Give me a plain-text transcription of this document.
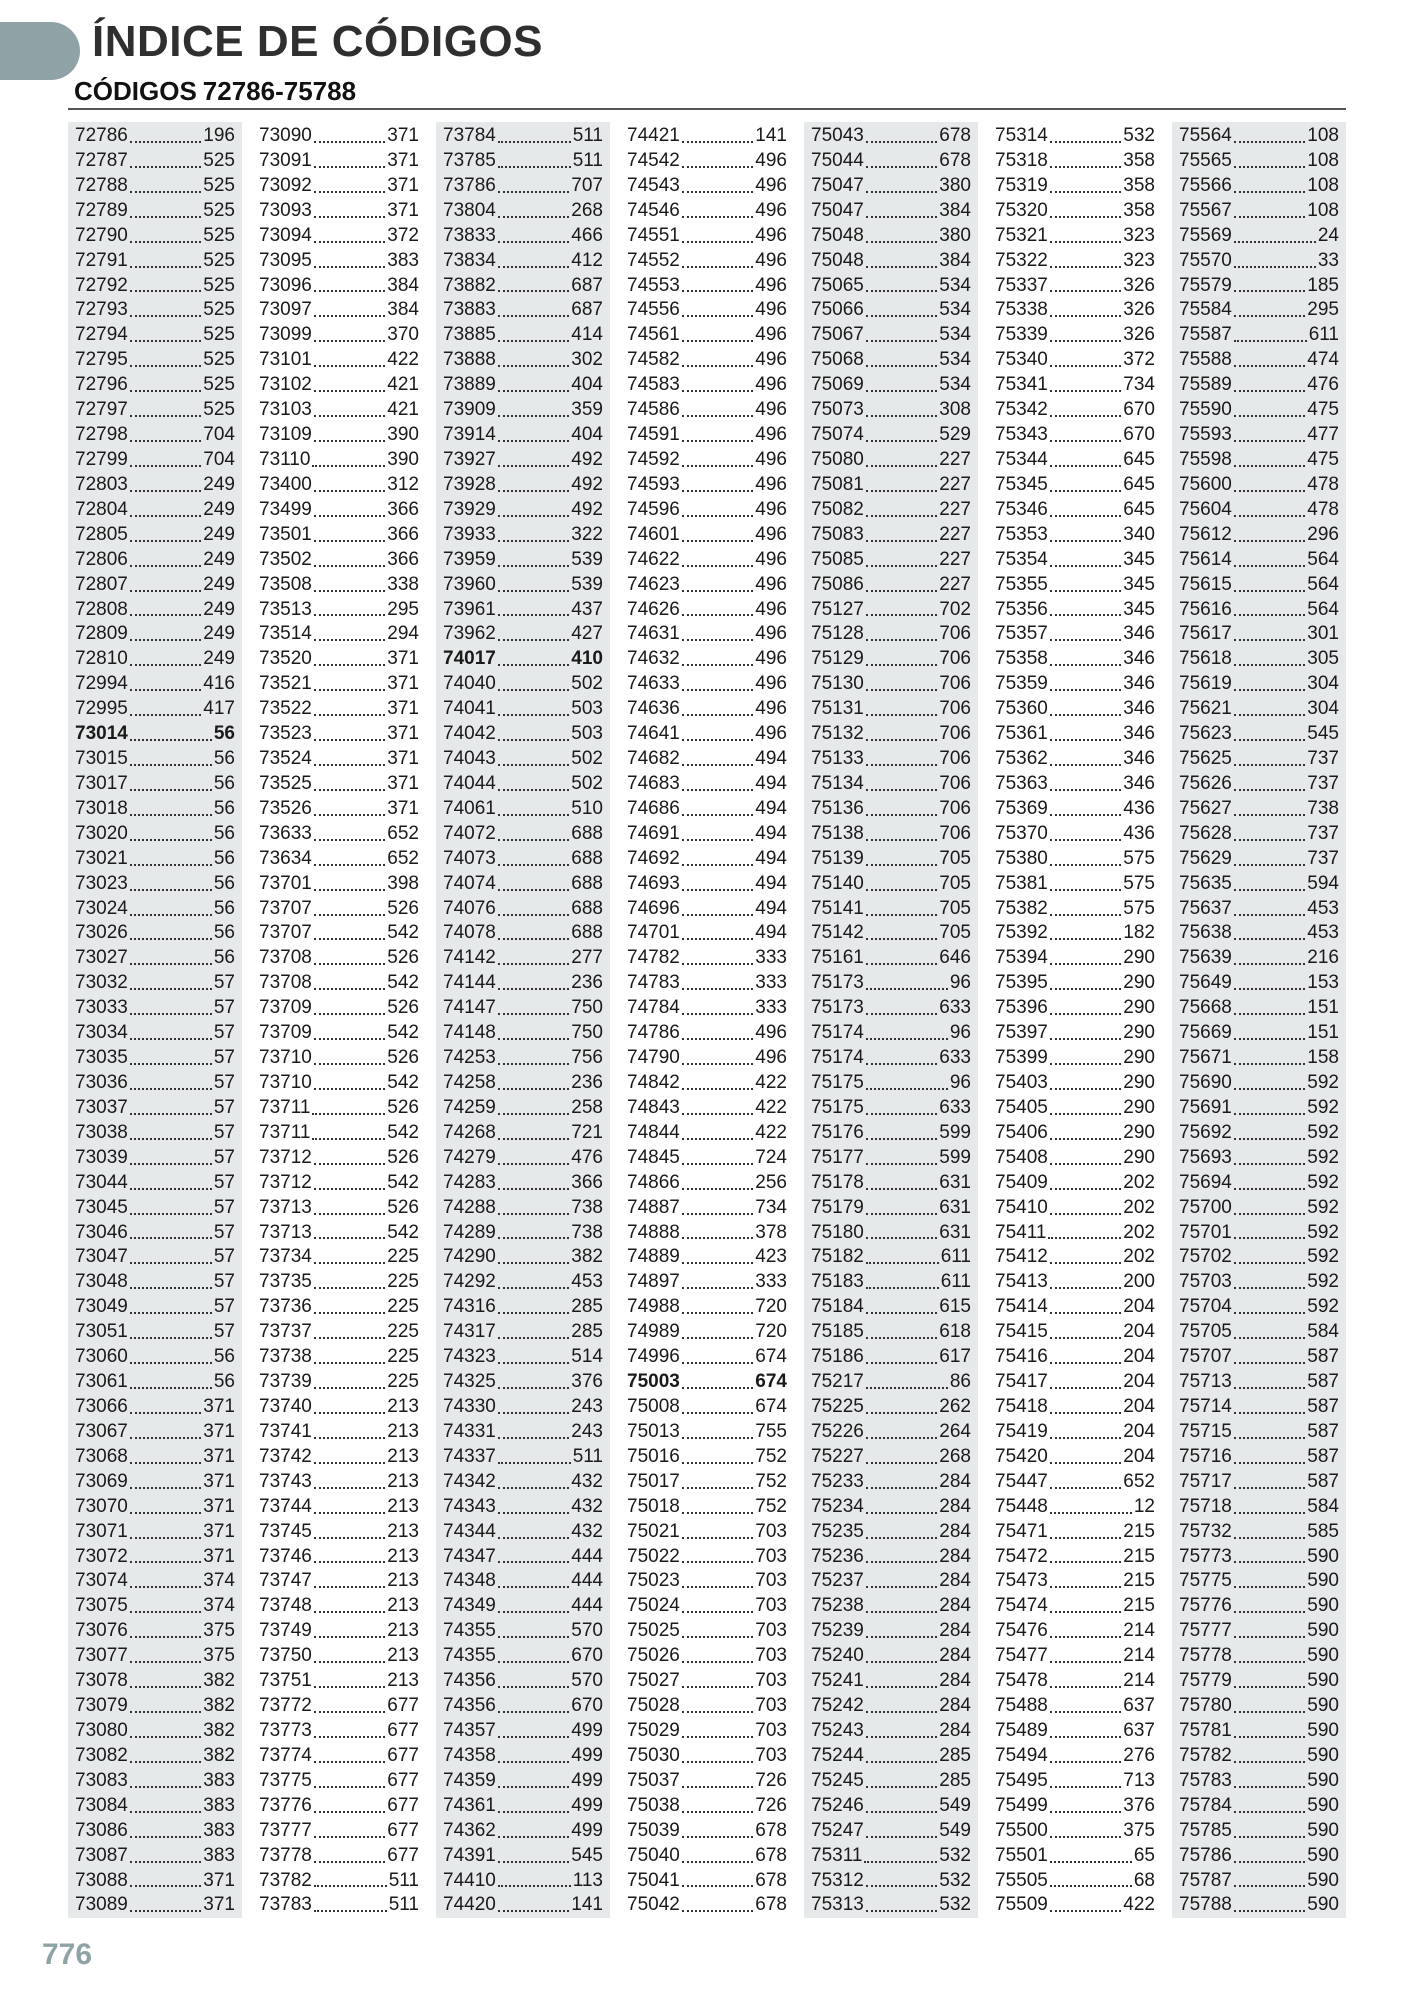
ÍNDICE DE CÓDIGOS
CÓDIGOS 72786-75788
72786	196
72787	525
72788	525
72789	525
72790	525
72791	525
72792	525
72793	525
72794	525
72795	525
72796	525
72797	525
72798	704
72799	704
72803	249
72804	249
72805	249
72806	249
72807	249
72808	249
72809	249
72810	249
72994	416
72995	417
73014	56
73015	56
73017	56
73018	56
73020	56
73021	56
73023	56
73024	56
73026	56
73027	56
73032	57
73033	57
73034	57
73035	57
73036	57
73037	57
73038	57
73039	57
73044	57
73045	57
73046	57
73047	57
73048	57
73049	57
73051	57
73060	56
73061	56
73066	371
73067	371
73068	371
73069	371
73070	371
73071	371
73072	371
73074	374
73075	374
73076	375
73077	375
73078	382
73079	382
73080	382
73082	382
73083	383
73084	383
73086	383
73087	383
73088	371
73089	371
73090	371
73091	371
73092	371
73093	371
73094	372
73095	383
73096	384
73097	384
73099	370
73101	422
73102	421
73103	421
73109	390
73110	390
73400	312
73499	366
73501	366
73502	366
73508	338
73513	295
73514	294
73520	371
73521	371
73522	371
73523	371
73524	371
73525	371
73526	371
73633	652
73634	652
73701	398
73707	526
73707	542
73708	526
73708	542
73709	526
73709	542
73710	526
73710	542
73711	526
73711	542
73712	526
73712	542
73713	526
73713	542
73734	225
73735	225
73736	225
73737	225
73738	225
73739	225
73740	213
73741	213
73742	213
73743	213
73744	213
73745	213
73746	213
73747	213
73748	213
73749	213
73750	213
73751	213
73772	677
73773	677
73774	677
73775	677
73776	677
73777	677
73778	677
73782	511
73783	511
73784	511
73785	511
73786	707
73804	268
73833	466
73834	412
73882	687
73883	687
73885	414
73888	302
73889	404
73909	359
73914	404
73927	492
73928	492
73929	492
73933	322
73959	539
73960	539
73961	437
73962	427
74017	410
74040	502
74041	503
74042	503
74043	502
74044	502
74061	510
74072	688
74073	688
74074	688
74076	688
74078	688
74142	277
74144	236
74147	750
74148	750
74253	756
74258	236
74259	258
74268	721
74279	476
74283	366
74288	738
74289	738
74290	382
74292	453
74316	285
74317	285
74323	514
74325	376
74330	243
74331	243
74337	511
74342	432
74343	432
74344	432
74347	444
74348	444
74349	444
74355	570
74355	670
74356	570
74356	670
74357	499
74358	499
74359	499
74361	499
74362	499
74391	545
74410	113
74420	141
74421	141
74542	496
74543	496
74546	496
74551	496
74552	496
74553	496
74556	496
74561	496
74582	496
74583	496
74586	496
74591	496
74592	496
74593	496
74596	496
74601	496
74622	496
74623	496
74626	496
74631	496
74632	496
74633	496
74636	496
74641	496
74682	494
74683	494
74686	494
74691	494
74692	494
74693	494
74696	494
74701	494
74782	333
74783	333
74784	333
74786	496
74790	496
74842	422
74843	422
74844	422
74845	724
74866	256
74887	734
74888	378
74889	423
74897	333
74988	720
74989	720
74996	674
75003	674
75008	674
75013	755
75016	752
75017	752
75018	752
75021	703
75022	703
75023	703
75024	703
75025	703
75026	703
75027	703
75028	703
75029	703
75030	703
75037	726
75038	726
75039	678
75040	678
75041	678
75042	678
75043	678
75044	678
75047	380
75047	384
75048	380
75048	384
75065	534
75066	534
75067	534
75068	534
75069	534
75073	308
75074	529
75080	227
75081	227
75082	227
75083	227
75085	227
75086	227
75127	702
75128	706
75129	706
75130	706
75131	706
75132	706
75133	706
75134	706
75136	706
75138	706
75139	705
75140	705
75141	705
75142	705
75161	646
75173	96
75173	633
75174	96
75174	633
75175	96
75175	633
75176	599
75177	599
75178	631
75179	631
75180	631
75182	611
75183	611
75184	615
75185	618
75186	617
75217	86
75225	262
75226	264
75227	268
75233	284
75234	284
75235	284
75236	284
75237	284
75238	284
75239	284
75240	284
75241	284
75242	284
75243	284
75244	285
75245	285
75246	549
75247	549
75311	532
75312	532
75313	532
75314	532
75318	358
75319	358
75320	358
75321	323
75322	323
75337	326
75338	326
75339	326
75340	372
75341	734
75342	670
75343	670
75344	645
75345	645
75346	645
75353	340
75354	345
75355	345
75356	345
75357	346
75358	346
75359	346
75360	346
75361	346
75362	346
75363	346
75369	436
75370	436
75380	575
75381	575
75382	575
75392	182
75394	290
75395	290
75396	290
75397	290
75399	290
75403	290
75405	290
75406	290
75408	290
75409	202
75410	202
75411	202
75412	202
75413	200
75414	204
75415	204
75416	204
75417	204
75418	204
75419	204
75420	204
75447	652
75448	12
75471	215
75472	215
75473	215
75474	215
75476	214
75477	214
75478	214
75488	637
75489	637
75494	276
75495	713
75499	376
75500	375
75501	65
75505	68
75509	422
75564	108
75565	108
75566	108
75567	108
75569	24
75570	33
75579	185
75584	295
75587	611
75588	474
75589	476
75590	475
75593	477
75598	475
75600	478
75604	478
75612	296
75614	564
75615	564
75616	564
75617	301
75618	305
75619	304
75621	304
75623	545
75625	737
75626	737
75627	738
75628	737
75629	737
75635	594
75637	453
75638	453
75639	216
75649	153
75668	151
75669	151
75671	158
75690	592
75691	592
75692	592
75693	592
75694	592
75700	592
75701	592
75702	592
75703	592
75704	592
75705	584
75707	587
75713	587
75714	587
75715	587
75716	587
75717	587
75718	584
75732	585
75773	590
75775	590
75776	590
75777	590
75778	590
75779	590
75780	590
75781	590
75782	590
75783	590
75784	590
75785	590
75786	590
75787	590
75788	590

776
